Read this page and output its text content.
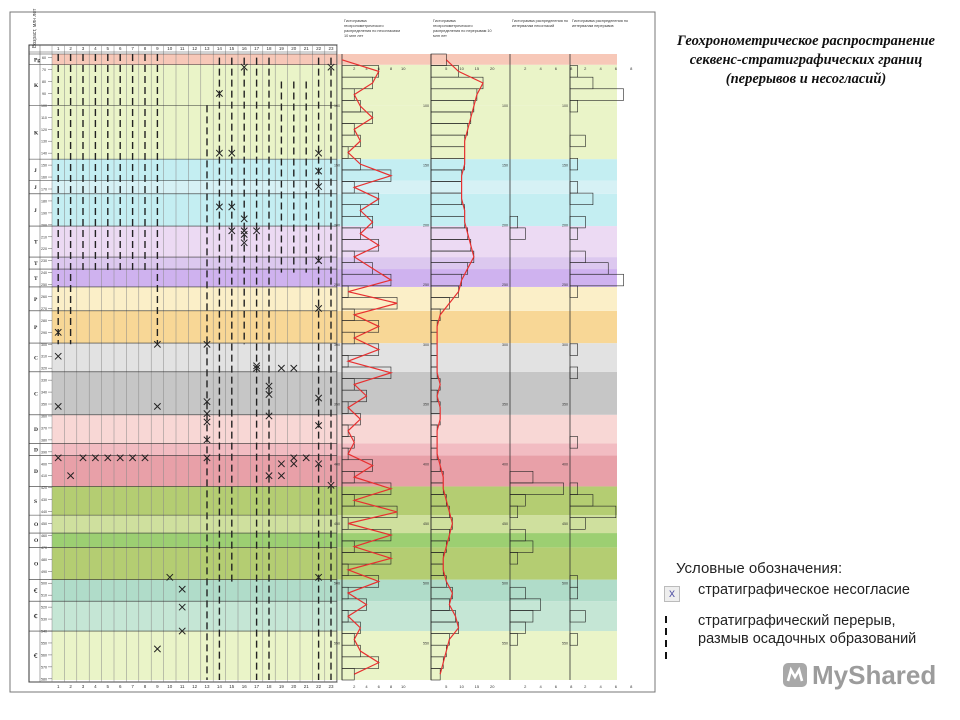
Возраст, млн лет
1
1
2
2
3
3
4
4
5
5
6
6
7
7
8
8
9
9
10
10
11
11
12
12
13
13
14
14
15
15
16
16
17
17
18
18
19
19
20
20
21
21
22
22
23
23
Ꞓ
Ꞓ
Ꞓ
O
O
O
S
D
D
D
C
C
P
P
T
T
T
J
J
J
K
K
Pg 60
70
80
90
100
110
120
130
140
150
160
170
180
190
200
210
220
230
240
250
260
270
280
290
300
310
320
330
340
350
360
370
380
390
400
410
420
430
440
450
460
470
480
490
500
510
520
530
540
550
560
570
580
Гистограмма
геохронометрического
распределения по несогласиям
10 млн лет
2
2
4
4
6
6
8
8
10
10
100
150
200
250
300
350
400
450
500
550
Гистограмма
геохронометрического
распределения по перерывам 10
млн лет
5
5
10
10
15
15
20
20
100
150
200
250
300
350
400
450
500
550
Гистограмма распределения по
интервалам несогласий
2
2
4
4
6
6
8
8
100
150
200
250
300
350
400
450
500
550
Гистограмма распределения по
интервалам перерывов
2
2
4
4
6
6
8
8
100
150
200
250
300
350
400
450
500
550
Геохронометрическое распространение
секвенс-стратиграфических границ
(перерывов и несогласий)
Условные обозначения:
x	стратиграфическое несогласие
стратиграфический перерыв,
размыв осадочных образований
MyShared
